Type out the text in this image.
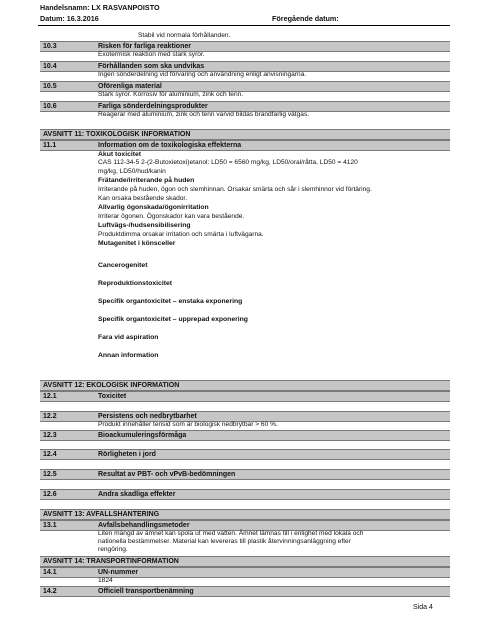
Handelsnamn: LX RASVANPOISTO
Datum: 16.3.2016	Föregående datum:
Stabil vid normala förhållanden.
10.3	Risken för farliga reaktioner
Exotermisk reaktion med stark syror.
10.4	Förhållanden som ska undvikas
Ingen sönderdelning vid förvaring och användning enligt anvisningarna.
10.5	Oförenliga material
Stark syror. Korrosiv för aluminium, zink och tenn.
10.6	Farliga sönderdelningsprodukter
Reagerar med aluminium, zink och tenn varvid bildas brandfarlig vätgas.
AVSNITT 11: TOXIKOLOGISK INFORMATION
11.1	Information om de toxikologiska effekterna
Akut toxicitet
CAS 112-34-5 2-(2-Butoxietoxi)etanol: LD50 = 6560 mg/kg, LD50/oral/råtta, LD50 = 4120
mg/kg, LD50/hud/kanin
Frätande/irriterande på huden
Irriterande på huden, ögon och slemhinnan. Orsakar smärta och sår i slemhinnor vid förtäring.
Kan orsaka bestående skador.
Allvarlig ögonskada/ögonirritation
Irriterar ögonen. Ögonskador kan vara bestående.
Luftvägs-/hudsensibilisering
Produktdimma orsakar irritation och smärta i luftvägarna.
Mutagenitet i könsceller
Cancerogenitet
Reproduktionstoxicitet
Specifik organtoxicitet – enstaka exponering
Specifik organtoxicitet – upprepad exponering
Fara vid aspiration
Annan information
AVSNITT 12: EKOLOGISK INFORMATION
12.1	Toxicitet
12.2	Persistens och nedbrytbarhet
Produkt innehåller tensid som är biologisk nedbrytbar > 60 %.
12.3	Bioackumuleringsförmåga
12.4	Rörligheten i jord
12.5	Resultat av PBT- och vPvB-bedömningen
12.6	Andra skadliga effekter
AVSNITT 13: AVFALLSHANTERING
13.1	Avfallsbehandlingsmetoder
Liten mängd av ämnet kan spola ut med vatten. Ämnet lämnas till i enlighet med lokala och
nationella bestämmelser. Material kan levereras till plastik återvinningsanläggning efter
rengöring.
AVSNITT 14: TRANSPORTINFORMATION
14.1	UN-nummer
1824
14.2	Officiell transportbenämning
Sida 4
